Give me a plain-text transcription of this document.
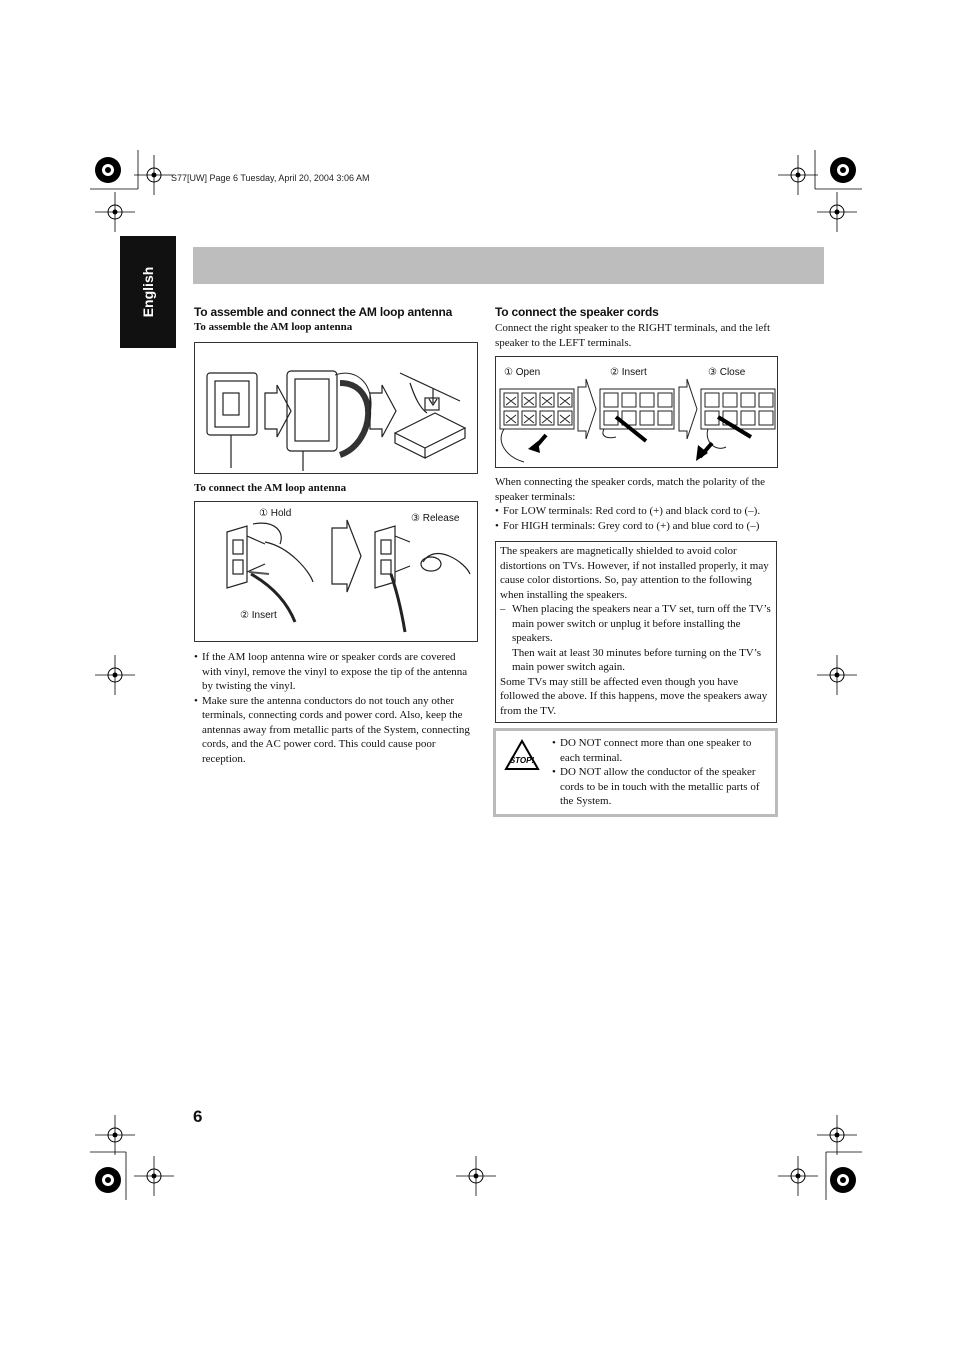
S77[UW] Page 6 Tuesday, April 20, 2004 3:06 AM
English	To assemble and connect the AM loop antenna
To assemble the AM loop antenna
To connect the AM loop antenna
① Hold	③ Release
② Insert
• If the AM loop antenna wire or speaker cords are covered with vinyl, remove the vinyl to expose the tip of the antenna by twisting the vinyl.
• Make sure the antenna conductors do not touch any other terminals, connecting cords and power cord. Also, keep the antennas away from metallic parts of the System, connecting cords, and the AC power cord. This could cause poor reception.
To connect the speaker cords
Connect the right speaker to the RIGHT terminals, and the left speaker to the LEFT terminals.
① Open	② Insert	③ Close
When connecting the speaker cords, match the polarity of the speaker terminals:
• For LOW terminals: Red cord to (+) and black cord to (–).
• For HIGH terminals: Grey cord to (+) and blue cord to (–)
The speakers are magnetically shielded to avoid color distortions on TVs. However, if not installed properly, it may cause color distortions. So, pay attention to the following when installing the speakers.
– When placing the speakers near a TV set, turn off the TV’s main power switch or unplug it before installing the speakers.
Then wait at least 30 minutes before turning on the TV’s main power switch again.
Some TVs may still be affected even though you have followed the above. If this happens, move the speakers away from the TV.
STOP!
• DO NOT connect more than one speaker to each terminal.
• DO NOT allow the conductor of the speaker cords to be in touch with the metallic parts of the System.
6
